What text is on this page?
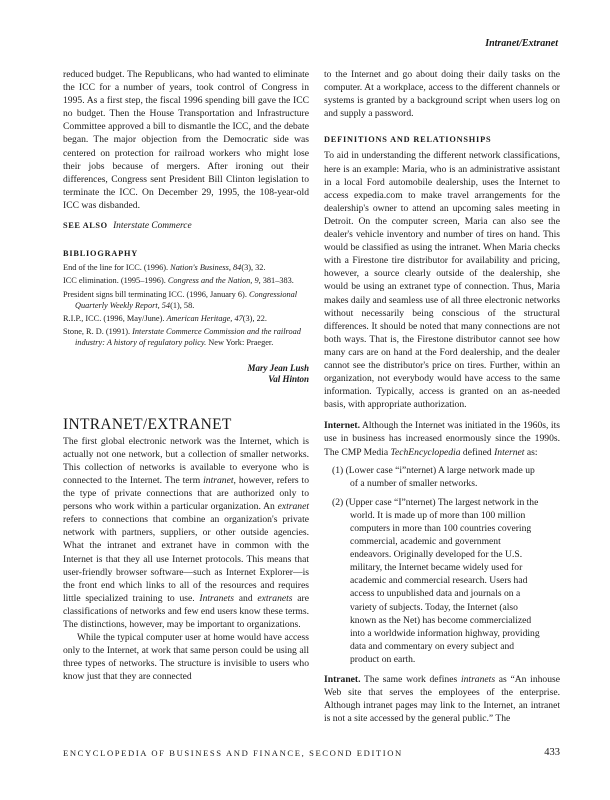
Intranet/Extranet

reduced budget. The Republicans, who had wanted to eliminate the ICC for a number of years, took control of Congress in 1995. As a first step, the fiscal 1996 spending bill gave the ICC no budget. Then the House Transportation and Infrastructure Committee approved a bill to dismantle the ICC, and the debate began. The major objection from the Democratic side was centered on protection for railroad workers who might lose their jobs because of mergers. After ironing out their differences, Congress sent President Bill Clinton legislation to terminate the ICC. On December 29, 1995, the 108-year-old ICC was disbanded.

SEE ALSO Interstate Commerce

BIBLIOGRAPHY

End of the line for ICC. (1996). Nation's Business, 84(3), 32.

ICC elimination. (1995–1996). Congress and the Nation, 9, 381–383.

President signs bill terminating ICC. (1996, January 6). Congressional Quarterly Weekly Report, 54(1), 58.

R.I.P., ICC. (1996, May/June). American Heritage, 47(3), 22.

Stone, R. D. (1991). Interstate Commerce Commission and the railroad industry: A history of regulatory policy. New York: Praeger.

Mary Jean Lush
Val Hinton

INTRANET/EXTRANET

The first global electronic network was the Internet, which is actually not one network, but a collection of smaller networks. This collection of networks is available to everyone who is connected to the Internet. The term intranet, however, refers to the type of private connections that are authorized only to persons who work within a particular organization. An extranet refers to connections that combine an organization's private network with partners, suppliers, or other outside agencies. What the intranet and extranet have in common with the Internet is that they all use Internet protocols. This means that user-friendly browser software—such as Internet Explorer—is the front end which links to all of the resources and requires little specialized training to use. Intranets and extranets are classifications of networks and few end users know these terms. The distinctions, however, may be important to organizations.

While the typical computer user at home would have access only to the Internet, at work that same person could be using all three types of networks. The structure is invisible to users who know just that they are connected

to the Internet and go about doing their daily tasks on the computer. At a workplace, access to the different channels or systems is granted by a background script when users log on and supply a password.

DEFINITIONS AND RELATIONSHIPS

To aid in understanding the different network classifications, here is an example: Maria, who is an administrative assistant in a local Ford automobile dealership, uses the Internet to access expedia.com to make travel arrangements for the dealership's owner to attend an upcoming sales meeting in Detroit. On the computer screen, Maria can also see the dealer's vehicle inventory and number of tires on hand. This would be classified as using the intranet. When Maria checks with a Firestone tire distributor for availability and pricing, however, a source clearly outside of the dealership, she would be using an extranet type of connection. Thus, Maria makes daily and seamless use of all three electronic networks without necessarily being conscious of the structural differences. It should be noted that many connections are not both ways. That is, the Firestone distributor cannot see how many cars are on hand at the Ford dealership, and the dealer cannot see the distributor's price on tires. Further, within an organization, not everybody would have access to the same information. Typically, access is granted on an as-needed basis, with appropriate authorization.

Internet. Although the Internet was initiated in the 1960s, its use in business has increased enormously since the 1990s. The CMP Media TechEncyclopedia defined Internet as:

(1) (Lower case “i”nternet) A large network made up of a number of smaller networks.
(2) (Upper case “I”nternet) The largest network in the world. It is made up of more than 100 million computers in more than 100 countries covering commercial, academic and government endeavors. Originally developed for the U.S. military, the Internet became widely used for academic and commercial research. Users had access to unpublished data and journals on a variety of subjects. Today, the Internet (also known as the Net) has become commercialized into a worldwide information highway, providing data and commentary on every subject and product on earth.

Intranet. The same work defines intranets as “An inhouse Web site that serves the employees of the enterprise. Although intranet pages may link to the Internet, an intranet is not a site accessed by the general public.” The

ENCYCLOPEDIA OF BUSINESS AND FINANCE, SECOND EDITION	433
